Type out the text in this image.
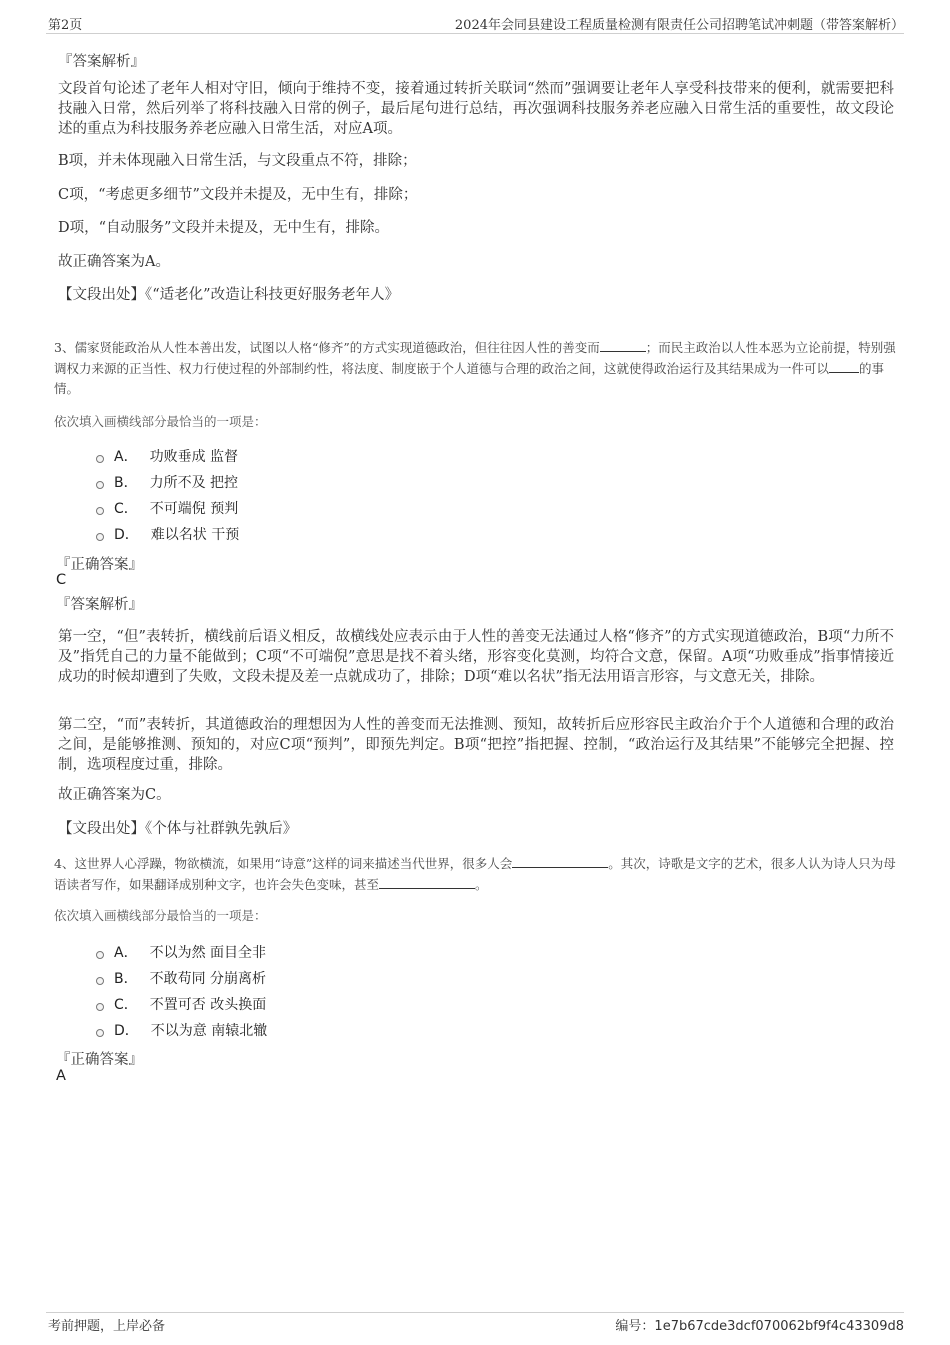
第2页	2024年会同县建设工程质量检测有限责任公司招聘笔试冲刺题（带答案解析）
『答案解析』
文段首句论述了老年人相对守旧，倾向于维持不变，接着通过转折关联词“然而”强调要让老年人享受科技带来的便利，就需要把科技融入日常，然后列举了将科技融入日常的例子，最后尾句进行总结，再次强调科技服务养老应融入日常生活的重要性，故文段论述的重点为科技服务养老应融入日常生活，对应A项。
B项，并未体现融入日常生活，与文段重点不符，排除；
C项，“考虑更多细节”文段并未提及，无中生有，排除；
D项，“自动服务”文段并未提及，无中生有，排除。
故正确答案为A。
【文段出处】《“适老化”改造让科技更好服务老年人》
3、儒家贤能政治从人性本善出发，试图以人格“修齐”的方式实现道德政治，但往往因人性的善变而	；而民主政治以人性本恶为立论前提，特别强调权力来源的正当性、权力行使过程的外部制约性，将法度、制度嵌于个人道德与合理的政治之间，这就使得政治运行及其结果成为一件可以 的事情。
依次填入画横线部分最恰当的一项是：
A． 功败垂成 监督
B． 力所不及 把控
C． 不可端倪 预判
D． 难以名状 干预
『正确答案』
C
『答案解析』
第一空，“但”表转折，横线前后语义相反，故横线处应表示由于人性的善变无法通过人格“修齐”的方式实现道德政治，B项“力所不及”指凭自己的力量不能做到；C项“不可端倪”意思是找不着头绪，形容变化莫测，均符合文意，保留。A项“功败垂成”指事情接近成功的时候却遭到了失败，文段未提及差一点就成功了，排除；D项“难以名状”指无法用语言形容，与文意无关，排除。
第二空，“而”表转折，其道德政治的理想因为人性的善变而无法推测、预知，故转折后应形容民主政治介于个人道德和合理的政治之间，是能够推测、预知的，对应C项“预判”，即预先判定。B项“把控”指把握、控制，“政治运行及其结果”不能够完全把握、控制，选项程度过重，排除。
故正确答案为C。
【文段出处】《个体与社群孰先孰后》
4、这世界人心浮躁，物欲横流，如果用“诗意”这样的词来描述当代世界，很多人会	。其次，诗歌是文字的艺术，很多人认为诗人只为母语读者写作，如果翻译成别种文字，也许会失色变味，甚至	。
依次填入画横线部分最恰当的一项是：
A． 不以为然 面目全非
B． 不敢苟同 分崩离析
C． 不置可否 改头换面
D． 不以为意 南辕北辙
『正确答案』
A
考前押题，上岸必备	编号：1e7b67cde3dcf070062bf9f4c43309d8
